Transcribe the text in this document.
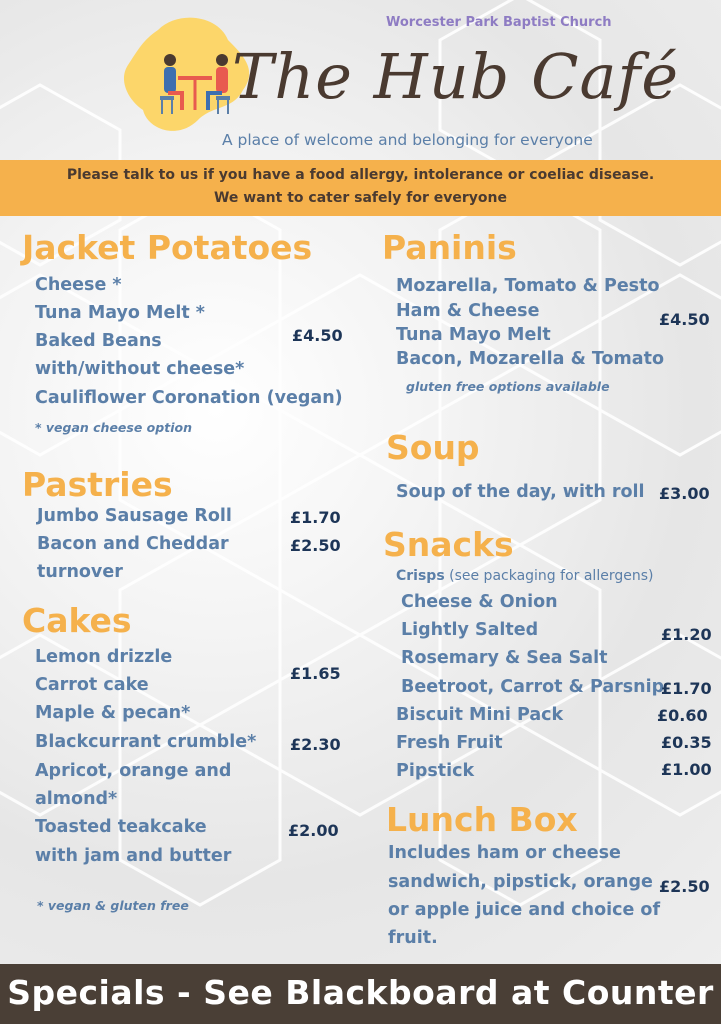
Worcester Park Baptist Church
The Hub Café
A place of welcome and belonging for everyone
Please talk to us if you have a food allergy, intolerance or coeliac disease.
We want to cater safely for everyone
Jacket Potatoes
Cheese *
Tuna Mayo Melt *
Baked Beans
with/without cheese*
Cauliflower Coronation (vegan)
£4.50
* vegan cheese option
Pastries
Jumbo Sausage Roll
Bacon and Cheddar
turnover
£1.70
£2.50
Cakes
Lemon drizzle
Carrot cake
Maple & pecan*
Blackcurrant crumble*
Apricot, orange and
almond*
Toasted teakcake
with jam and butter
£1.65
£2.30
£2.00
* vegan & gluten free
Paninis
Mozarella, Tomato & Pesto
Ham & Cheese
Tuna Mayo Melt
Bacon, Mozarella & Tomato
£4.50
gluten free options available
Soup
Soup of the day, with roll £3.00
Snacks
Crisps (see packaging for allergens)
Cheese & Onion
Lightly Salted
Rosemary & Sea Salt
Beetroot, Carrot & Parsnip
£1.20
£1.70
Biscuit Mini Pack
Fresh Fruit
Pipstick
£0.60
£0.35
£1.00
Lunch Box
Includes ham or cheese
sandwich, pipstick, orange
or apple juice and choice of
fruit.
£2.50
Specials - See Blackboard at Counter
